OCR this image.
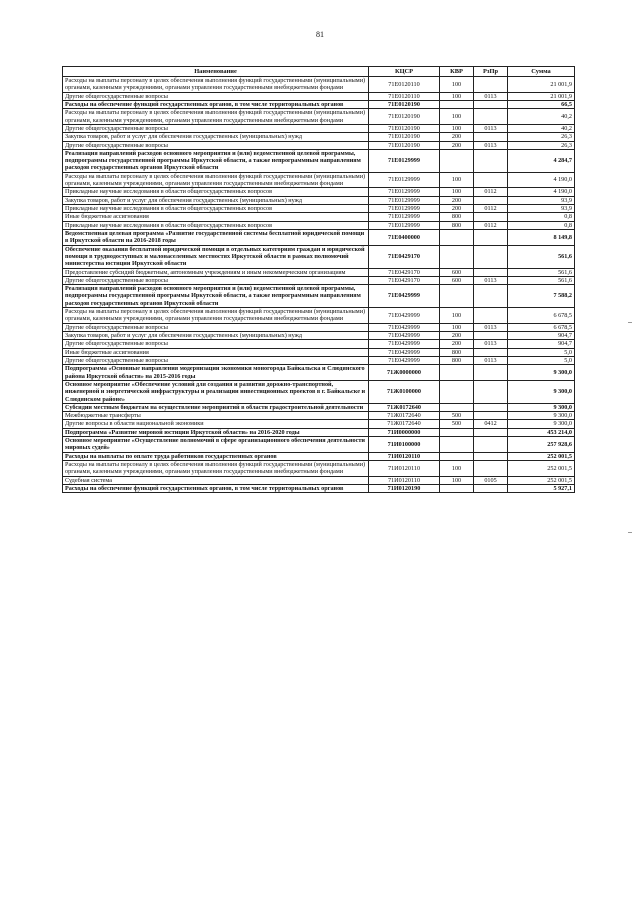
81
Наименование	КЦСР	КВР	РзПр	Сумма
Расходы на выплаты персоналу в целях обеспечения выполнения функций государственными (муниципальными) органами, казенными учреждениями, органами управления государственными внебюджетными фондами	71Е0120110	100		21 001,9
Другие общегосударственные вопросы	71Е0120110	100	0113	21 001,9
Расходы на обеспечение функций государственных органов, в том числе территориальных органов	71Е0120190			66,5
Расходы на выплаты персоналу в целях обеспечения выполнения функций государственными (муниципальными) органами, казенными учреждениями, органами управления государственными внебюджетными фондами	71Е0120190	100		40,2
Другие общегосударственные вопросы	71Е0120190	100	0113	40,2
Закупка товаров, работ и услуг для обеспечения государственных (муниципальных) нужд	71Е0120190	200		26,3
Другие общегосударственные вопросы	71Е0120190	200	0113	26,3
Реализация направлений расходов основного мероприятия и (или) ведомственной целевой программы, подпрограммы государственной программы Иркутской области, а также непрограммным направлениям расходов государственных органов Иркутской области	71Е0129999			4 284,7
Расходы на выплаты персоналу в целях обеспечения выполнения функций государственными (муниципальными) органами, казенными учреждениями, органами управления государственными внебюджетными фондами	71Е0129999	100		4 190,0
Прикладные научные исследования в области общегосударственных вопросов	71Е0129999	100	0112	4 190,0
Закупка товаров, работ и услуг для обеспечения государственных (муниципальных) нужд	71Е0129999	200		93,9
Прикладные научные исследования в области общегосударственных вопросов	71Е0129999	200	0112	93,9
Иные бюджетные ассигнования	71Е0129999	800		0,8
Прикладные научные исследования в области общегосударственных вопросов	71Е0129999	800	0112	0,8
Ведомственная целевая программа «Развитие государственной системы бесплатной юридической помощи в Иркутской области на 2016-2018 годы	71Е0400000			8 149,8
Обеспечение оказания бесплатной юридической помощи в отдельных категориям граждан и юридической помощи в труднодоступных и малонаселенных местностях Иркутской области в рамках полномочий министерства юстиции Иркутской области	71Е0429170			561,6
Предоставление субсидий бюджетным, автономным учреждениям и иным некоммерческим организациям	71Е0429170	600		561,6
Другие общегосударственные вопросы	71Е0429170	600	0113	561,6
Реализация направлений расходов основного мероприятия и (или) ведомственной целевой программы, подпрограммы государственной программы Иркутской области, а также непрограммным направлениям расходов государственных органов Иркутской области	71Е0429999			7 588,2
Расходы на выплаты персоналу в целях обеспечения выполнения функций государственными (муниципальными) органами, казенными учреждениями, органами управления государственными внебюджетными фондами	71Е0429999	100		6 678,5
Другие общегосударственные вопросы	71Е0429999	100	0113	6 678,5
Закупка товаров, работ и услуг для обеспечения государственных (муниципальных) нужд	71Е0429999	200		904,7
Другие общегосударственные вопросы	71Е0429999	200	0113	904,7
Иные бюджетные ассигнования	71Е0429999	800		5,0
Другие общегосударственные вопросы	71Е0429999	800	0113	5,0
Подпрограмма «Основные направления модернизации экономики моногорода Байкальска и Слюдянского района Иркутской области» на 2015-2016 годы	71Ж0000000			9 300,0
Основное мероприятие «Обеспечение условий для создания и развития дорожно-транспортной, инженерной и энергетической инфраструктуры и реализации инвестиционных проектов в г. Байкальске и Слюдянском районе»	71Ж0100000			9 300,0
Субсидии местным бюджетам на осуществление мероприятий в области градостроительной деятельности	71Ж0172640			9 300,0
Межбюджетные трансферты	71Ж0172640	500		9 300,0
Другие вопросы в области национальной экономики	71Ж0172640	500	0412	9 300,0
Подпрограмма «Развитие мировой юстиции Иркутской области» на 2016-2020 годы	71И0000000			453 214,0
Основное мероприятие «Осуществление полномочий в сфере организационного обеспечения деятельности мировых судей»	71И0100000			257 928,6
Расходы на выплаты по оплате труда работников государственных органов	71И0120110			252 001,5
Расходы на выплаты персоналу в целях обеспечения выполнения функций государственными (муниципальными) органами, казенными учреждениями, органами управления государственными внебюджетными фондами	71И0120110	100		252 001,5
Судебная система	71И0120110	100	0105	252 001,5
Расходы на обеспечение функций государственных органов, в том числе территориальных органов	71И0120190			5 927,1
